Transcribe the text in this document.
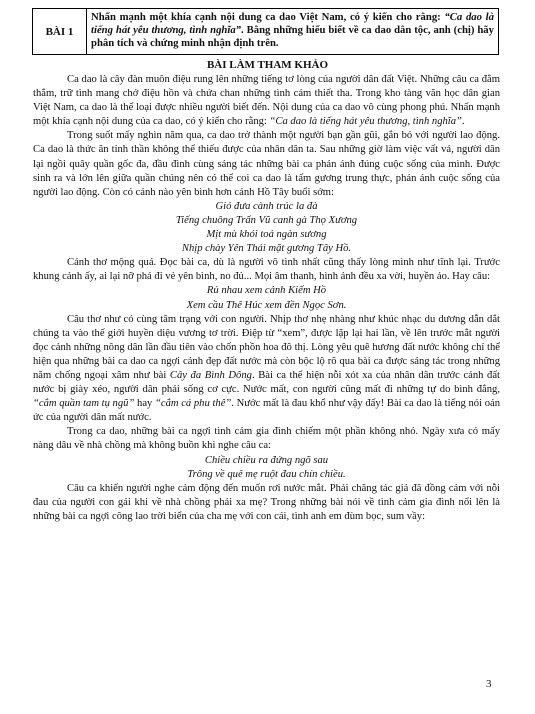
BÀI 1
Nhấn mạnh một khía cạnh nội dung ca dao Việt Nam, có ý kiến cho rằng: “Ca dao là tiếng hát yêu thương, tình nghĩa”. Bằng những hiểu biết về ca dao dân tộc, anh (chị) hãy phân tích và chứng minh nhận định trên.
BÀI LÀM THAM KHẢO

Ca dao là cây đàn muôn điệu rung lên những tiếng tơ lòng của người dân đất Việt. Những câu ca đằm thắm, trữ tình mang chở điệu hồn và chứa chan những tình cảm thiết tha. Trong kho tàng văn học dân gian Việt Nam, ca dao là thể loại được nhiều người biết đến. Nội dung của ca dao vô cùng phong phú. Nhấn mạnh một khía cạnh nội dung của ca dao, có ý kiến cho rằng: “Ca dao là tiếng hát yêu thương, tình nghĩa”.

Trong suốt mấy nghìn năm qua, ca dao trở thành một người bạn gần gũi, gắn bó với người lao động. Ca dao là thức ăn tinh thần không thể thiếu được của nhân dân ta. Sau những giờ làm việc vất vả, người dân lại ngồi quây quần gốc đa, đầu đình cùng sáng tác những bài ca phản ánh đúng cuộc sống của mình. Được sinh ra và lớn lên giữa quần chúng nên có thể coi ca dao là tấm gương trung thực, phản ánh cuộc sống của người lao động. Còn có cảnh nào yên bình hơn cảnh Hồ Tây buổi sớm:

Gió đưa cành trúc la đà
Tiếng chuông Trấn Vũ canh gà Thọ Xương
Mịt mù khói toả ngàn sương
Nhịp chày Yên Thái mặt gương Tây Hồ.

Cảnh thơ mộng quá. Đọc bài ca, dù là người vô tình nhất cũng thấy lòng mình như tĩnh lại. Trước khung cảnh ấy, ai lại nỡ phá đi vẻ yên bình, no đủ... Mọi âm thanh, hình ảnh đều xa vời, huyền ảo. Hay câu:

Rủ nhau xem cảnh Kiếm Hồ
Xem cầu Thê Húc xem đền Ngọc Sơn.

Câu thơ như có cùng tâm trạng với con người. Nhịp thơ nhẹ nhàng như khúc nhạc du dương dẫn dắt chúng ta vào thế giới huyền diệu vương tơ trời. Điệp từ “xem”, được lặp lại hai lần, về lên trước mắt người đọc cảnh những nông dân lần đầu tiên vào chốn phồn hoa đô thị. Lòng yêu quê hương đất nước không chỉ thể hiện qua những bài ca dao ca ngợi cảnh đẹp đất nước mà còn bộc lộ rõ qua bài ca được sáng tác trong những năm chống ngoại xâm như bài Cây đa Bình Dông. Bài ca thể hiện nỗi xót xa của nhân dân trước cảnh đất nước bị giày xéo, người dân phải sống cơ cực. Nước mất, con người cũng mất đi những tự do bình đẳng, “cắm quần tam tụ ngũ” hay “cắm cá phu thê”. Nước mất là đau khổ như vậy đấy! Bài ca dao là tiếng nói oán ức của người dân mất nước.

Trong ca dao, những bài ca ngợi tình cảm gia đình chiếm một phần không nhỏ. Ngày xưa có mấy nàng dâu về nhà chồng mà không buồn khi nghe câu ca:

Chiều chiều ra đứng ngõ sau
Trông về quê mẹ ruột đau chín chiều.

Câu ca khiến người nghe cảm động đến muốn rơi nước mắt. Phải chăng tác giả đã đồng cảm với nỗi đau của người con gái khi về nhà chồng phải xa mẹ? Trong những bài nói về tình cảm gia đình nổi lên là những bài ca ngợi công lao trời biển của cha mẹ với con cái, tình anh em đùm bọc, sum vầy:

3
